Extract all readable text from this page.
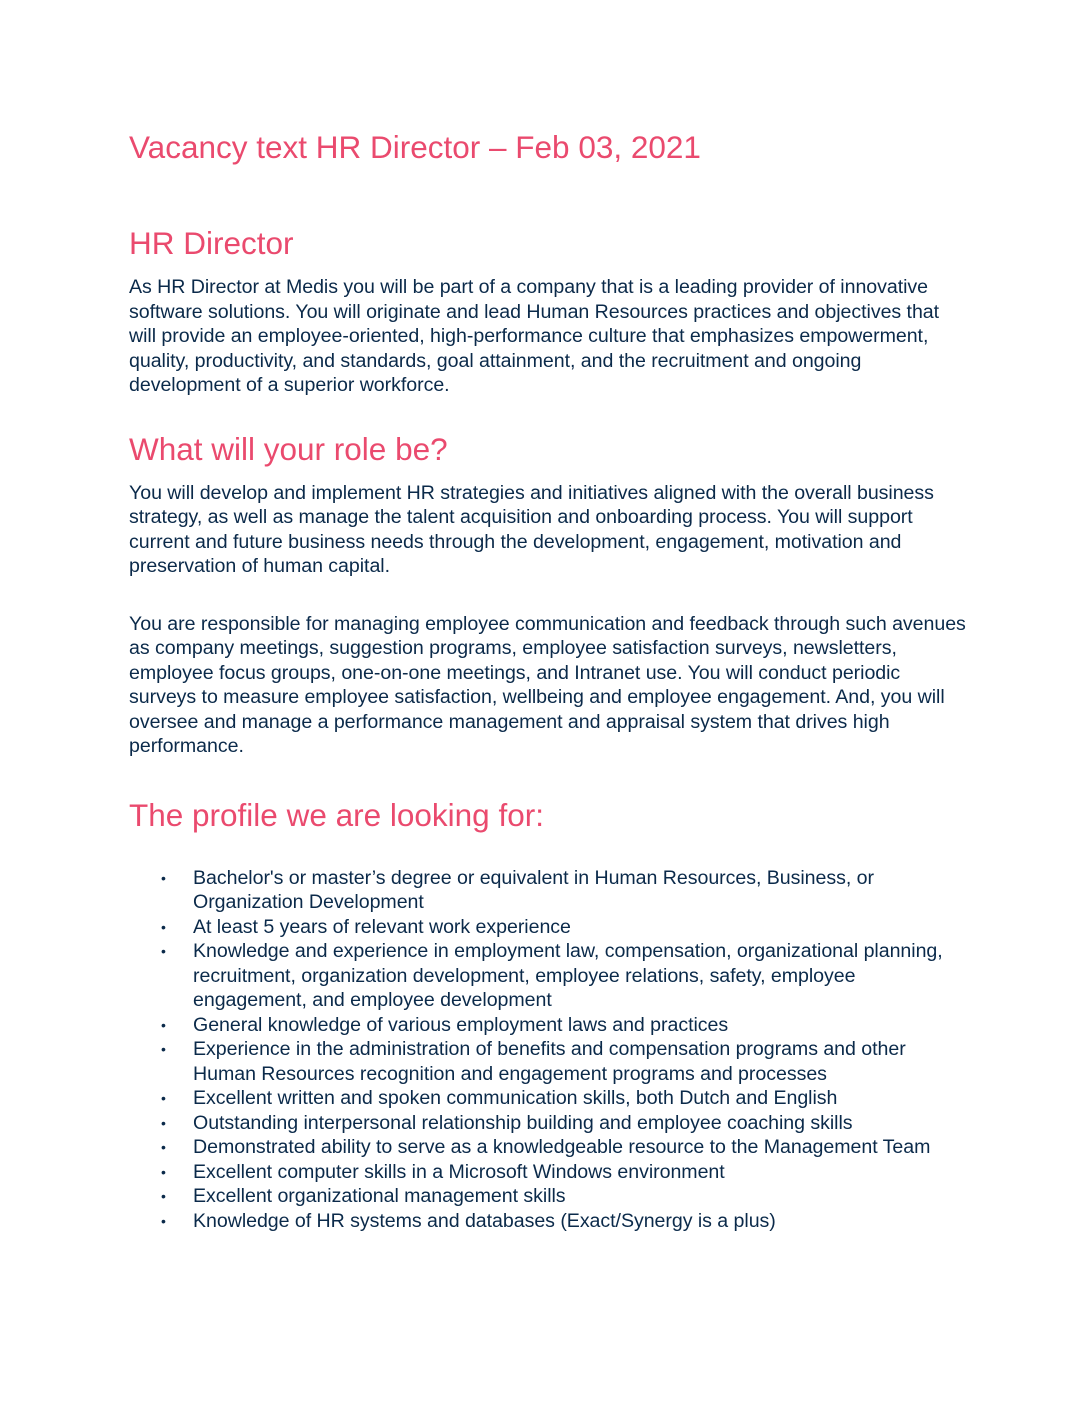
Vacancy text HR Director – Feb 03, 2021
HR Director

As HR Director at Medis you will be part of a company that is a leading provider of innovative software solutions. You will originate and lead Human Resources practices and objectives that will provide an employee-oriented, high-performance culture that emphasizes empowerment, quality, productivity, and standards, goal attainment, and the recruitment and ongoing development of a superior workforce.

What will your role be?

You will develop and implement HR strategies and initiatives aligned with the overall business strategy, as well as manage the talent acquisition and onboarding process. You will support current and future business needs through the development, engagement, motivation and preservation of human capital.

You are responsible for managing employee communication and feedback through such avenues as company meetings, suggestion programs, employee satisfaction surveys, newsletters, employee focus groups, one-on-one meetings, and Intranet use. You will conduct periodic surveys to measure employee satisfaction, wellbeing and employee engagement. And, you will oversee and manage a performance management and appraisal system that drives high performance.

The profile we are looking for:
• Bachelor's or master’s degree or equivalent in Human Resources, Business, or Organization Development
• At least 5 years of relevant work experience
• Knowledge and experience in employment law, compensation, organizational planning, recruitment, organization development, employee relations, safety, employee engagement, and employee development
• General knowledge of various employment laws and practices
• Experience in the administration of benefits and compensation programs and other Human Resources recognition and engagement programs and processes
• Excellent written and spoken communication skills, both Dutch and English
• Outstanding interpersonal relationship building and employee coaching skills
• Demonstrated ability to serve as a knowledgeable resource to the Management Team
• Excellent computer skills in a Microsoft Windows environment
• Excellent organizational management skills
• Knowledge of HR systems and databases (Exact/Synergy is a plus)
